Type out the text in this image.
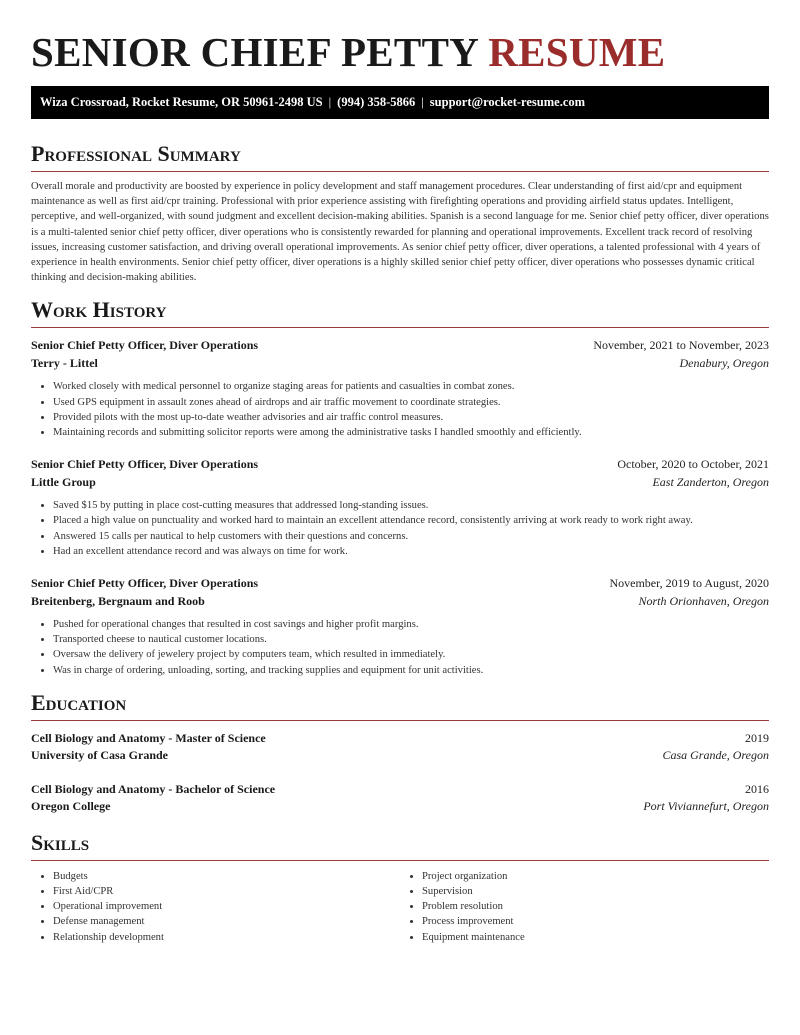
SENIOR CHIEF PETTY RESUME
Wiza Crossroad, Rocket Resume, OR 50961-2498 US | (994) 358-5866 | support@rocket-resume.com
Professional Summary

Overall morale and productivity are boosted by experience in policy development and staff management procedures. Clear understanding of first aid/cpr and equipment maintenance as well as first aid/cpr training. Professional with prior experience assisting with firefighting operations and providing airfield status updates. Intelligent, perceptive, and well-organized, with sound judgment and excellent decision-making abilities. Spanish is a second language for me. Senior chief petty officer, diver operations is a multi-talented senior chief petty officer, diver operations who is consistently rewarded for planning and operational improvements. Excellent track record of resolving issues, increasing customer satisfaction, and driving overall operational improvements. As senior chief petty officer, diver operations, a talented professional with 4 years of experience in health environments. Senior chief petty officer, diver operations is a highly skilled senior chief petty officer, diver operations who possesses dynamic critical thinking and decision-making abilities.

Work History
Senior Chief Petty Officer, Diver Operations	November, 2021 to November, 2023
Terry - Littel	Denabury, Oregon
• Worked closely with medical personnel to organize staging areas for patients and casualties in combat zones.
• Used GPS equipment in assault zones ahead of airdrops and air traffic movement to coordinate strategies.
• Provided pilots with the most up-to-date weather advisories and air traffic control measures.
• Maintaining records and submitting solicitor reports were among the administrative tasks I handled smoothly and efficiently.
Senior Chief Petty Officer, Diver Operations	October, 2020 to October, 2021
Little Group	East Zanderton, Oregon
• Saved $15 by putting in place cost-cutting measures that addressed long-standing issues.
• Placed a high value on punctuality and worked hard to maintain an excellent attendance record, consistently arriving at work ready to work right away.
• Answered 15 calls per nautical to help customers with their questions and concerns.
• Had an excellent attendance record and was always on time for work.
Senior Chief Petty Officer, Diver Operations	November, 2019 to August, 2020
Breitenberg, Bergnaum and Roob	North Orionhaven, Oregon
• Pushed for operational changes that resulted in cost savings and higher profit margins.
• Transported cheese to nautical customer locations.
• Oversaw the delivery of jewelery project by computers team, which resulted in immediately.
• Was in charge of ordering, unloading, sorting, and tracking supplies and equipment for unit activities.
Education
Cell Biology and Anatomy - Master of Science	2019
University of Casa Grande	Casa Grande, Oregon
Cell Biology and Anatomy - Bachelor of Science	2016
Oregon College	Port Viviannefurt, Oregon
Skills
• Budgets
• First Aid/CPR
• Operational improvement
• Defense management
• Relationship development
• Project organization
• Supervision
• Problem resolution
• Process improvement
• Equipment maintenance
